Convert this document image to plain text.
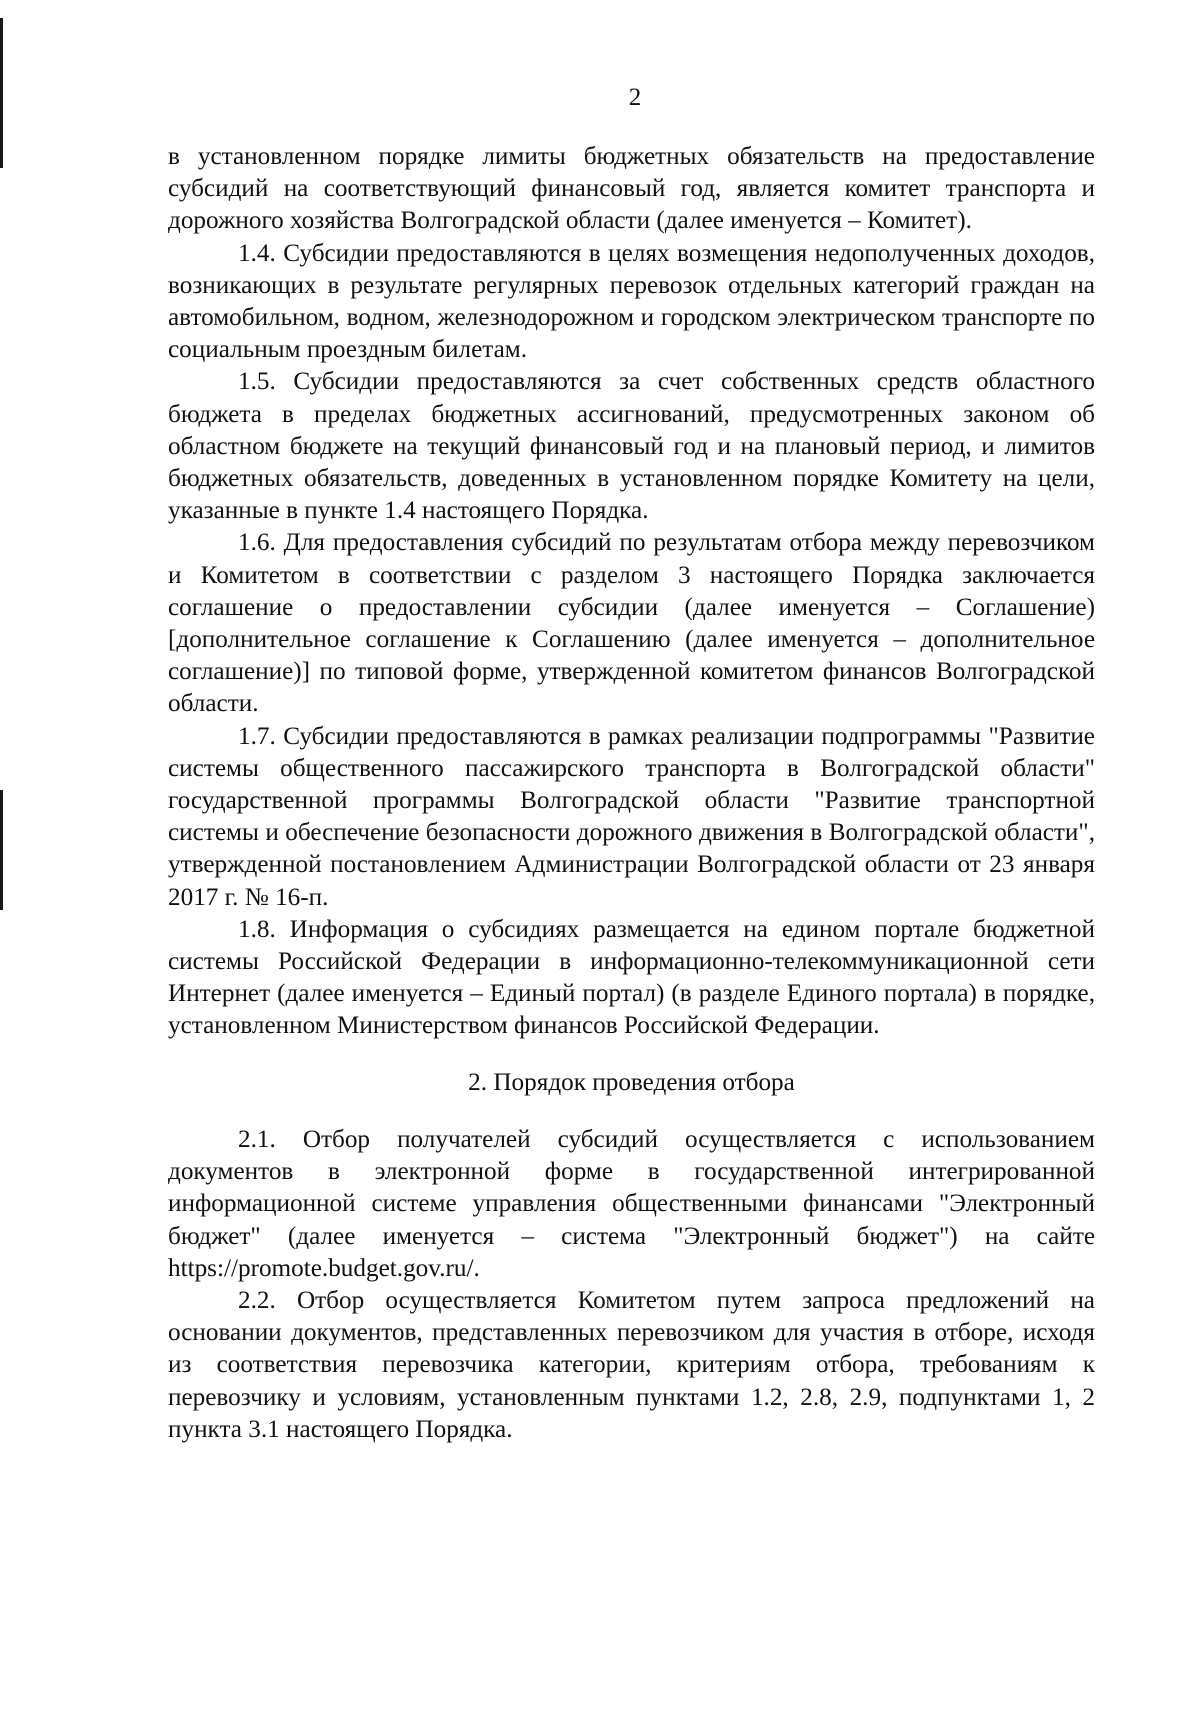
2

в установленном порядке лимиты бюджетных обязательств на предоставление субсидий на соответствующий финансовый год, является комитет транспорта и дорожного хозяйства Волгоградской области (далее именуется – Комитет).

1.4. Субсидии предоставляются в целях возмещения недополученных доходов, возникающих в результате регулярных перевозок отдельных категорий граждан на автомобильном, водном, железнодорожном и городском электрическом транспорте по социальным проездным билетам.

1.5. Субсидии предоставляются за счет собственных средств областного бюджета в пределах бюджетных ассигнований, предусмотренных законом об областном бюджете на текущий финансовый год и на плановый период, и лимитов бюджетных обязательств, доведенных в установленном порядке Комитету на цели, указанные в пункте 1.4 настоящего Порядка.

1.6. Для предоставления субсидий по результатам отбора между перевозчиком и Комитетом в соответствии с разделом 3 настоящего Порядка заключается соглашение о предоставлении субсидии (далее именуется – Соглашение) [дополнительное соглашение к Соглашению (далее именуется – дополнительное соглашение)] по типовой форме, утвержденной комитетом финансов Волгоградской области.

1.7. Субсидии предоставляются в рамках реализации подпрограммы "Развитие системы общественного пассажирского транспорта в Волгоградской области" государственной программы Волгоградской области "Развитие транспортной системы и обеспечение безопасности дорожного движения в Волгоградской области", утвержденной постановлением Администрации Волгоградской области от 23 января 2017 г. № 16-п.

1.8. Информация о субсидиях размещается на едином портале бюджетной системы Российской Федерации в информационно-телекоммуникационной сети Интернет (далее именуется – Единый портал) (в разделе Единого портала) в порядке, установленном Министерством финансов Российской Федерации.

2. Порядок проведения отбора

2.1. Отбор получателей субсидий осуществляется с использованием документов в электронной форме в государственной интегрированной информационной системе управления общественными финансами "Электронный бюджет" (далее именуется – система "Электронный бюджет") на сайте https://promote.budget.gov.ru/.

2.2. Отбор осуществляется Комитетом путем запроса предложений на основании документов, представленных перевозчиком для участия в отборе, исходя из соответствия перевозчика категории, критериям отбора, требованиям к перевозчику и условиям, установленным пунктами 1.2, 2.8, 2.9, подпунктами 1, 2 пункта 3.1 настоящего Порядка.
